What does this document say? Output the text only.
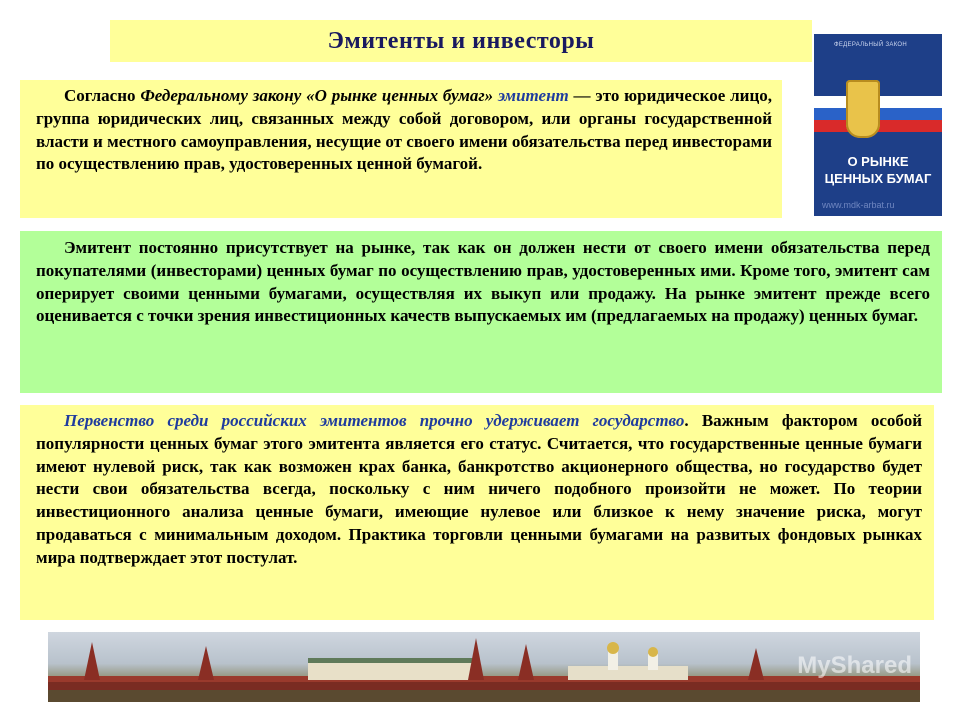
Эмитенты и инвесторы
Согласно Федеральному закону «О рынке ценных бумаг» эмитент — это юридическое лицо, группа юридических лиц, связанных между собой договором, или органы государственной власти и местного самоуправления, несущие от своего имени обязательства перед инвесторами по осуществлению прав, удостоверенных ценной бумагой.
ФЕДЕРАЛЬНЫЙ ЗАКОН
О РЫНКЕ
ЦЕННЫХ БУМАГ
www.mdk-arbat.ru
Эмитент постоянно присутствует на рынке, так как он должен нести от своего имени обязательства перед покупателями (инвесторами) ценных бумаг по осуществлению прав, удостоверенных ими. Кроме того, эмитент сам оперирует своими ценными бумагами, осуществляя их выкуп или продажу. На рынке эмитент прежде всего оценивается с точки зрения инвестиционных качеств выпускаемых им (предлагаемых на продажу) ценных бумаг.
Первенство среди российских эмитентов прочно удерживает государство. Важным фактором особой популярности ценных бумаг этого эмитента является его статус. Считается, что государственные ценные бумаги имеют нулевой риск, так как возможен крах банка, банкротство акционерного общества, но государство будет нести свои обязательства всегда, поскольку с ним ничего подобного произойти не может. По теории инвестиционного анализа ценные бумаги, имеющие нулевое или близкое к нему значение риска, могут продаваться с минимальным доходом. Практика торговли ценными бумагами на развитых фондовых рынках мира подтверждает этот постулат.
MyShared
